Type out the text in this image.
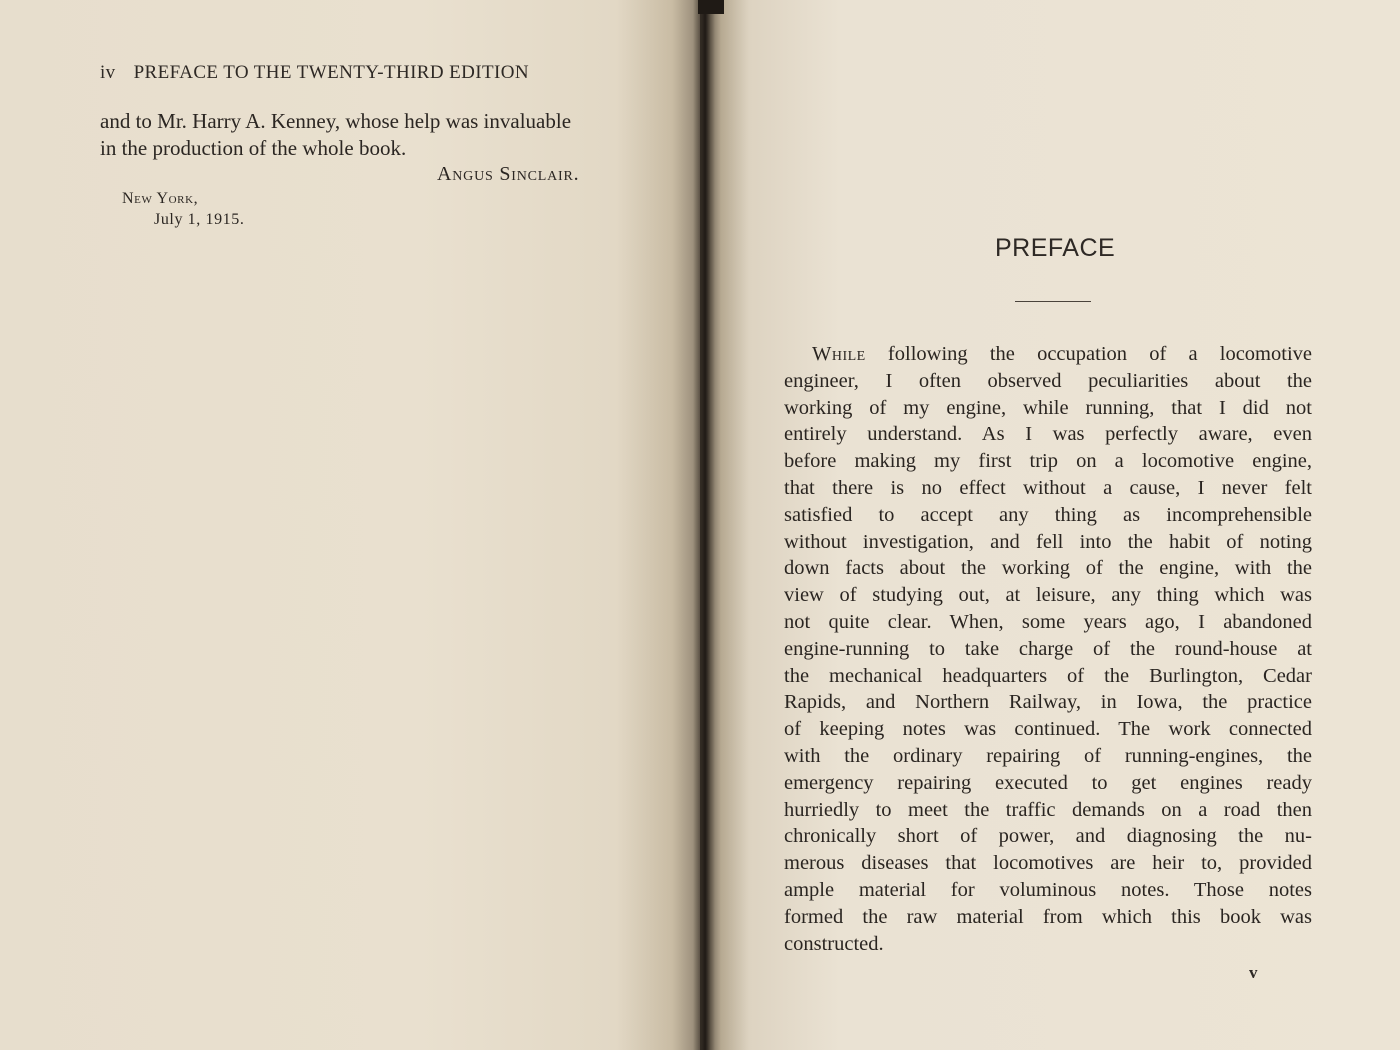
iv PREFACE TO THE TWENTY-THIRD EDITION
and to Mr. Harry A. Kenney, whose help was invaluable
in the production of the whole book.
Angus Sinclair.
New York,
July 1, 1915.
PREFACE
While following the occupation of a locomotive
engineer, I often observed peculiarities about the
working of my engine, while running, that I did not
entirely understand. As I was perfectly aware, even
before making my first trip on a locomotive engine,
that there is no effect without a cause, I never felt
satisfied to accept any thing as incomprehensible
without investigation, and fell into the habit of noting
down facts about the working of the engine, with the
view of studying out, at leisure, any thing which was
not quite clear. When, some years ago, I abandoned
engine-running to take charge of the round-house at
the mechanical headquarters of the Burlington, Cedar
Rapids, and Northern Railway, in Iowa, the practice
of keeping notes was continued. The work connected
with the ordinary repairing of running-engines, the
emergency repairing executed to get engines ready
hurriedly to meet the traffic demands on a road then
chronically short of power, and diagnosing the nu-
merous diseases that locomotives are heir to, provided
ample material for voluminous notes. Those notes
formed the raw material from which this book was
constructed.
v
